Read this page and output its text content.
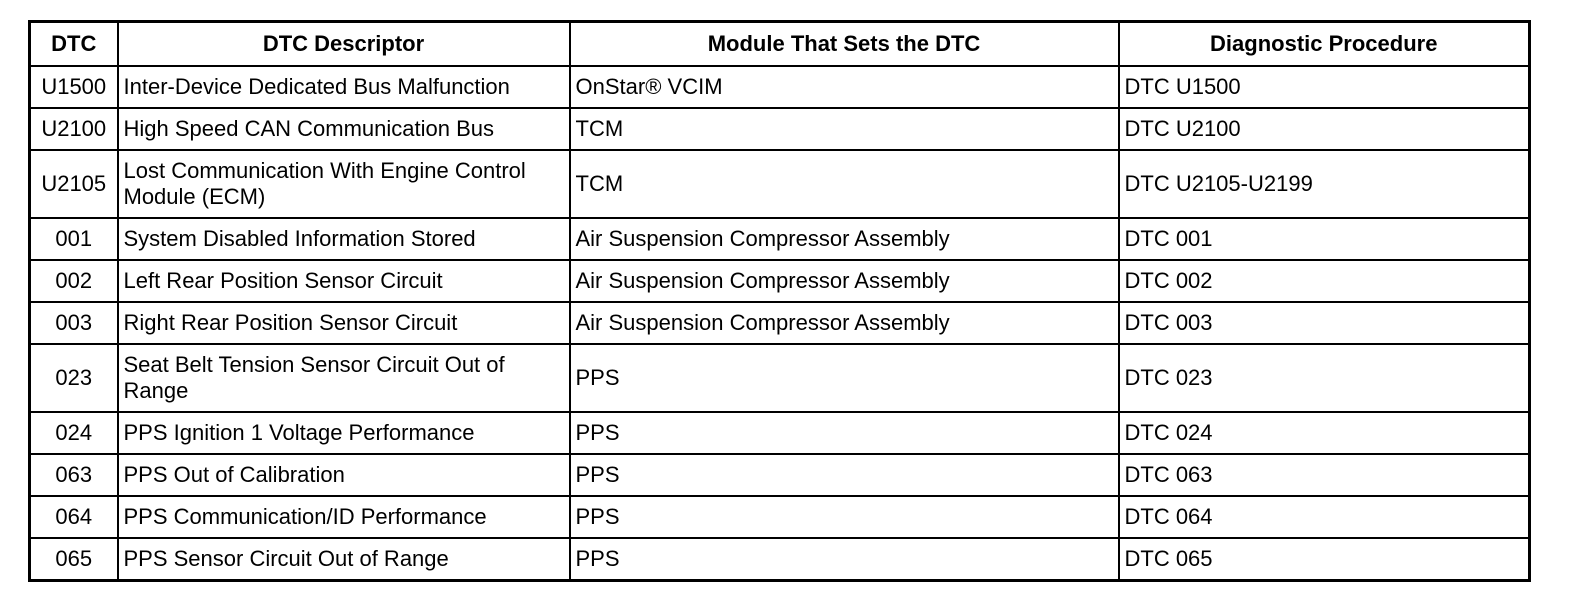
DTC	DTC Descriptor	Module That Sets the DTC	Diagnostic Procedure
U1500	Inter-Device Dedicated Bus Malfunction	OnStar® VCIM	DTC U1500
U2100	High Speed CAN Communication Bus	TCM	DTC U2100
U2105	Lost Communication With Engine Control Module (ECM)	TCM	DTC U2105-U2199
001	System Disabled Information Stored	Air Suspension Compressor Assembly	DTC 001
002	Left Rear Position Sensor Circuit	Air Suspension Compressor Assembly	DTC 002
003	Right Rear Position Sensor Circuit	Air Suspension Compressor Assembly	DTC 003
023	Seat Belt Tension Sensor Circuit Out of Range	PPS	DTC 023
024	PPS Ignition 1 Voltage Performance	PPS	DTC 024
063	PPS Out of Calibration	PPS	DTC 063
064	PPS Communication/ID Performance	PPS	DTC 064
065	PPS Sensor Circuit Out of Range	PPS	DTC 065
